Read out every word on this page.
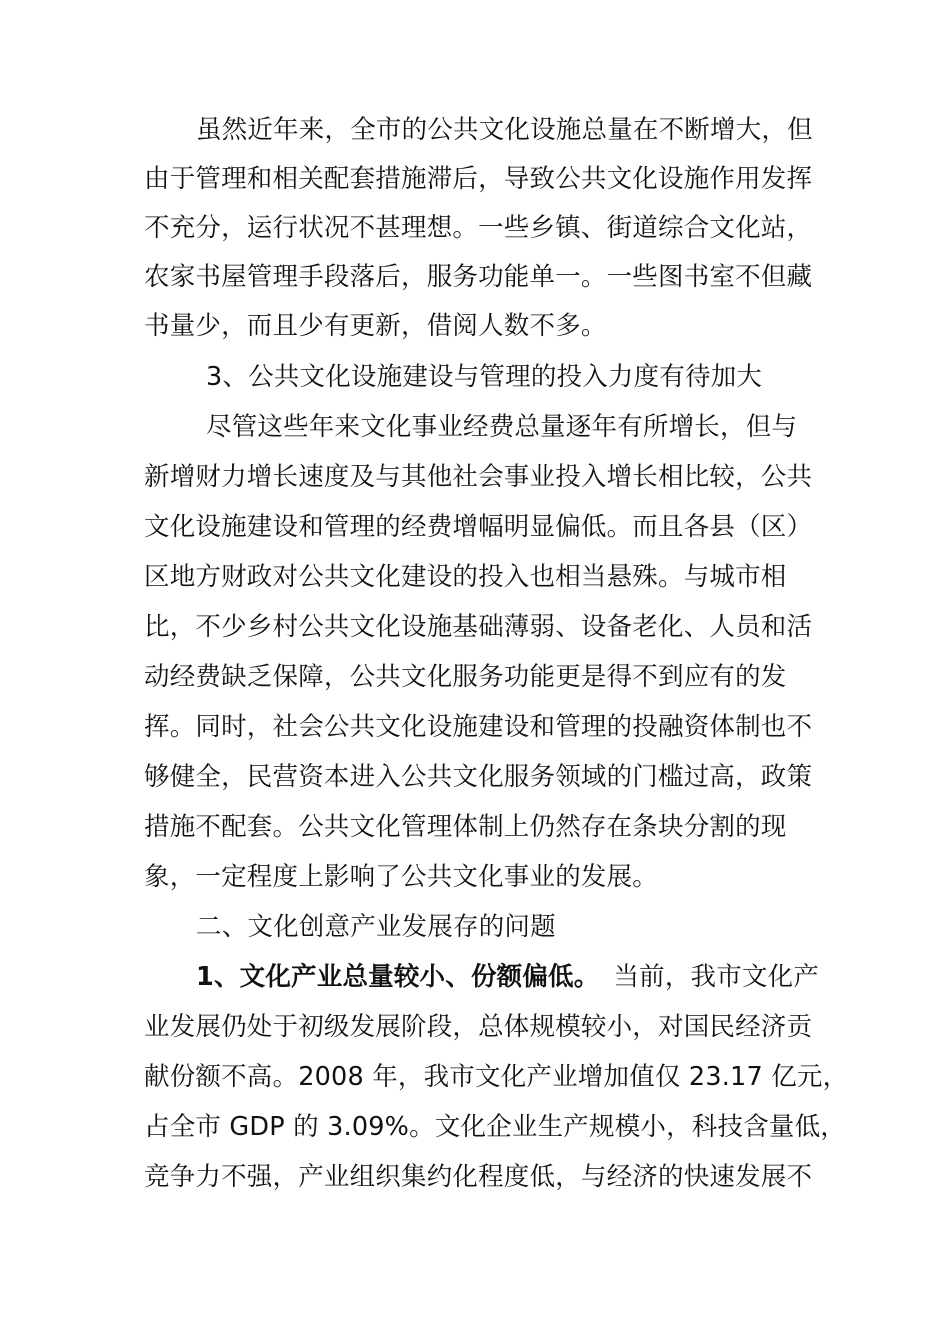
虽然近年来，全市的公共文化设施总量在不断增大，但
由于管理和相关配套措施滞后，导致公共文化设施作用发挥
不充分，运行状况不甚理想。一些乡镇、街道综合文化站，
农家书屋管理手段落后，服务功能单一。一些图书室不但藏
书量少，而且少有更新，借阅人数不多。
3、公共文化设施建设与管理的投入力度有待加大
尽管这些年来文化事业经费总量逐年有所增长，但与
新增财力增长速度及与其他社会事业投入增长相比较，公共
文化设施建设和管理的经费增幅明显偏低。而且各县（区）
区地方财政对公共文化建设的投入也相当悬殊。与城市相
比，不少乡村公共文化设施基础薄弱、设备老化、人员和活
动经费缺乏保障，公共文化服务功能更是得不到应有的发
挥。同时，社会公共文化设施建设和管理的投融资体制也不
够健全，民营资本进入公共文化服务领域的门槛过高，政策
措施不配套。公共文化管理体制上仍然存在条块分割的现
象，一定程度上影响了公共文化事业的发展。
二、文化创意产业发展存的问题
1、文化产业总量较小、份额偏低。 当前，我市文化产
业发展仍处于初级发展阶段，总体规模较小，对国民经济贡
献份额不高。2008 年，我市文化产业增加值仅 23.17 亿元，
占全市 GDP 的 3.09%。文化企业生产规模小，科技含量低，
竞争力不强，产业组织集约化程度低，与经济的快速发展不
